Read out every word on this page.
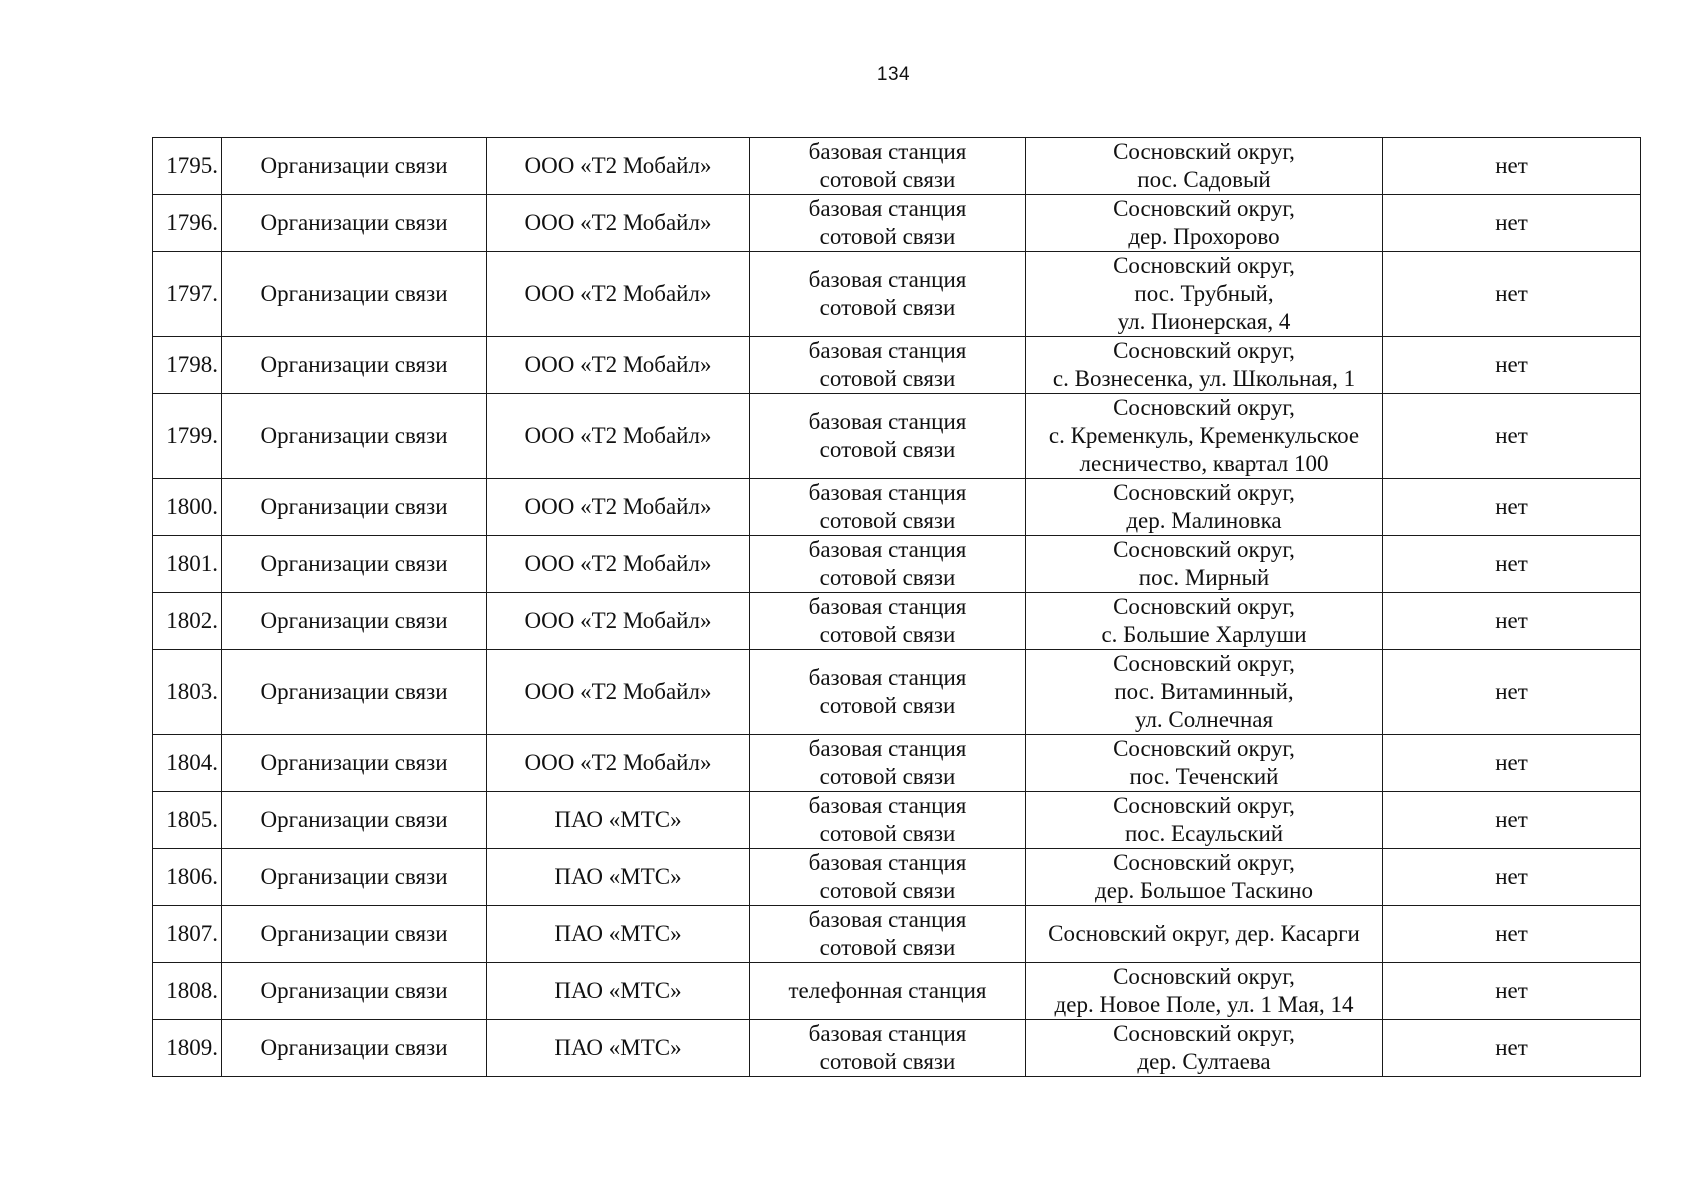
134
1795.	Организации связи	ООО «Т2 Мобайл»	базовая станция
сотовой связи	Сосновский округ,
пос. Садовый	нет
1796.	Организации связи	ООО «Т2 Мобайл»	базовая станция
сотовой связи	Сосновский округ,
дер. Прохорово	нет
1797.	Организации связи	ООО «Т2 Мобайл»	базовая станция
сотовой связи	Сосновский округ,
пос. Трубный,
ул. Пионерская, 4	нет
1798.	Организации связи	ООО «Т2 Мобайл»	базовая станция
сотовой связи	Сосновский округ,
с. Вознесенка, ул. Школьная, 1	нет
1799.	Организации связи	ООО «Т2 Мобайл»	базовая станция
сотовой связи	Сосновский округ,
с. Кременкуль, Кременкульское
лесничество, квартал 100	нет
1800.	Организации связи	ООО «Т2 Мобайл»	базовая станция
сотовой связи	Сосновский округ,
дер. Малиновка	нет
1801.	Организации связи	ООО «Т2 Мобайл»	базовая станция
сотовой связи	Сосновский округ,
пос. Мирный	нет
1802.	Организации связи	ООО «Т2 Мобайл»	базовая станция
сотовой связи	Сосновский округ,
с. Большие Харлуши	нет
1803.	Организации связи	ООО «Т2 Мобайл»	базовая станция
сотовой связи	Сосновский округ,
пос. Витаминный,
ул. Солнечная	нет
1804.	Организации связи	ООО «Т2 Мобайл»	базовая станция
сотовой связи	Сосновский округ,
пос. Теченский	нет
1805.	Организации связи	ПАО «МТС»	базовая станция
сотовой связи	Сосновский округ,
пос. Есаульский	нет
1806.	Организации связи	ПАО «МТС»	базовая станция
сотовой связи	Сосновский округ,
дер. Большое Таскино	нет
1807.	Организации связи	ПАО «МТС»	базовая станция
сотовой связи	Сосновский округ, дер. Касарги	нет
1808.	Организации связи	ПАО «МТС»	телефонная станция	Сосновский округ,
дер. Новое Поле, ул. 1 Мая, 14	нет
1809.	Организации связи	ПАО «МТС»	базовая станция
сотовой связи	Сосновский округ,
дер. Султаева	нет
